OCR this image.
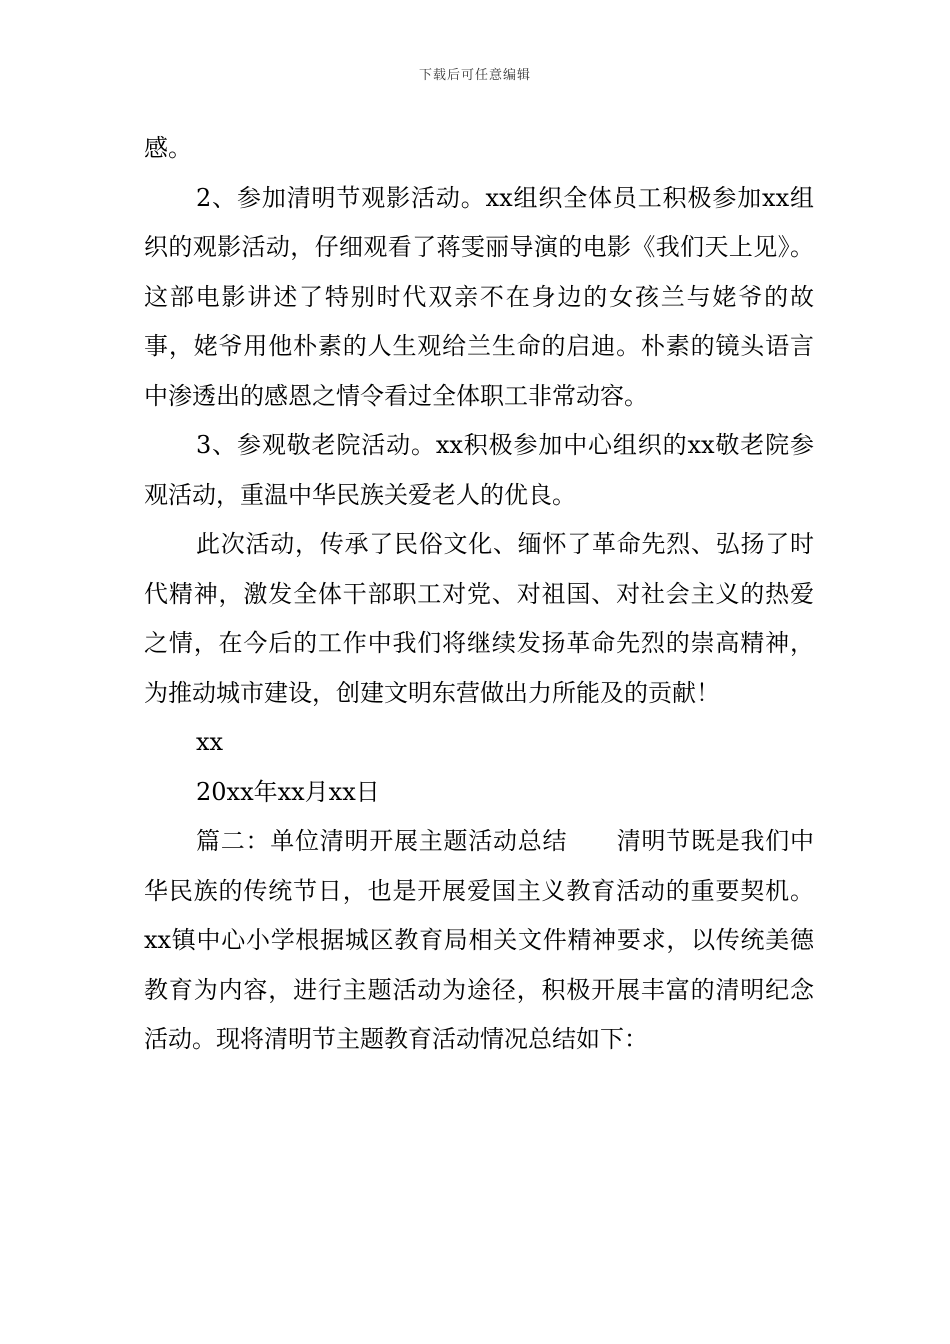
下载后可任意编辑

感。

2、参加清明节观影活动。xx组织全体员工积极参加xx组织的观影活动，仔细观看了蒋雯丽导演的电影《我们天上见》。这部电影讲述了特别时代双亲不在身边的女孩兰与姥爷的故事，姥爷用他朴素的人生观给兰生命的启迪。朴素的镜头语言中渗透出的感恩之情令看过全体职工非常动容。

3、参观敬老院活动。xx积极参加中心组织的xx敬老院参观活动，重温中华民族关爱老人的优良。

此次活动，传承了民俗文化、缅怀了革命先烈、弘扬了时代精神，激发全体干部职工对党、对祖国、对社会主义的热爱之情，在今后的工作中我们将继续发扬革命先烈的崇高精神，为推动城市建设，创建文明东营做出力所能及的贡献！

xx

20xx年xx月xx日

篇二：单位清明开展主题活动总结　　清明节既是我们中华民族的传统节日，也是开展爱国主义教育活动的重要契机。xx镇中心小学根据城区教育局相关文件精神要求，以传统美德教育为内容，进行主题活动为途径，积极开展丰富的清明纪念活动。现将清明节主题教育活动情况总结如下：
